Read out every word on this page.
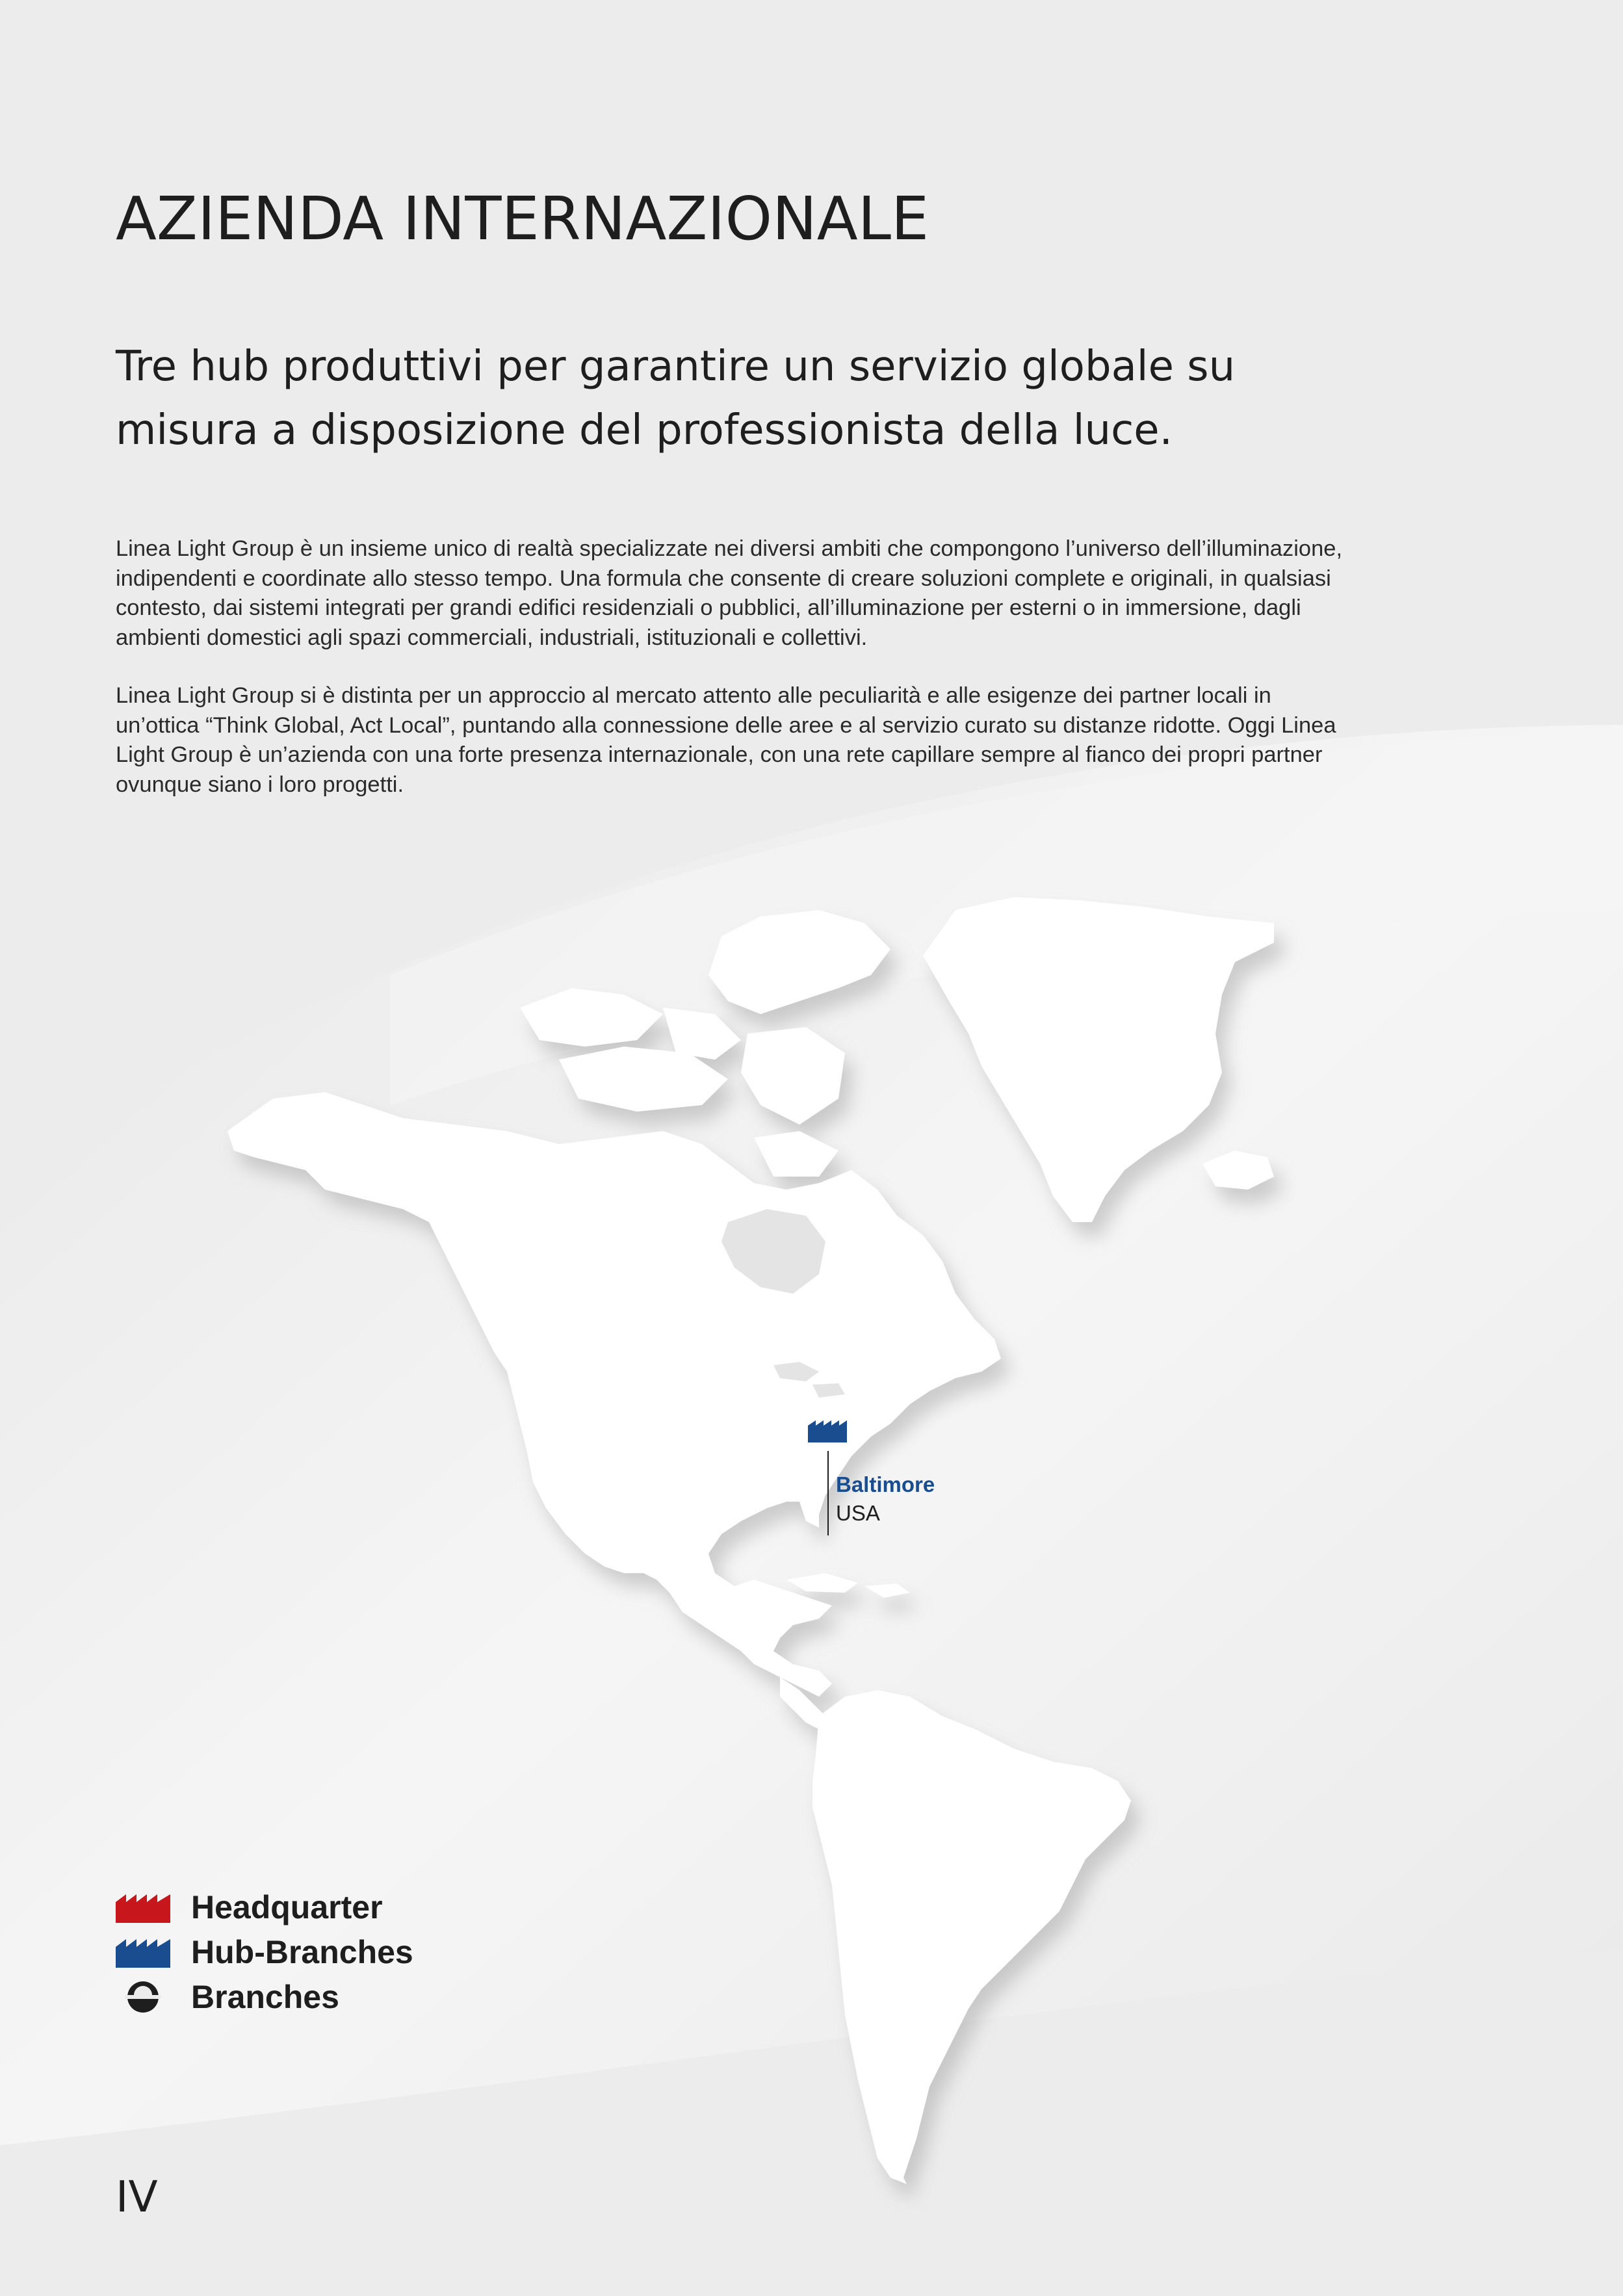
AZIENDA INTERNAZIONALE
Tre hub produttivi per garantire un servizio globale su
misura a disposizione del professionista della luce.
Linea Light Group è un insieme unico di realtà specializzate nei diversi ambiti che compongono l’universo dell’illuminazione,
indipendenti e coordinate allo stesso tempo. Una formula che consente di creare soluzioni complete e originali, in qualsiasi
contesto, dai sistemi integrati per grandi edifici residenziali o pubblici, all’illuminazione per esterni o in immersione, dagli
ambienti domestici agli spazi commerciali, industriali, istituzionali e collettivi.
Linea Light Group si è distinta per un approccio al mercato attento alle peculiarità e alle esigenze dei partner locali in
un’ottica “Think Global, Act Local”, puntando alla connessione delle aree e al servizio curato su distanze ridotte. Oggi Linea
Light Group è un’azienda con una forte presenza internazionale, con una rete capillare sempre al fianco dei propri partner
ovunque siano i loro progetti.
Baltimore
USA
Headquarter
Hub-Branches
Branches
IV
